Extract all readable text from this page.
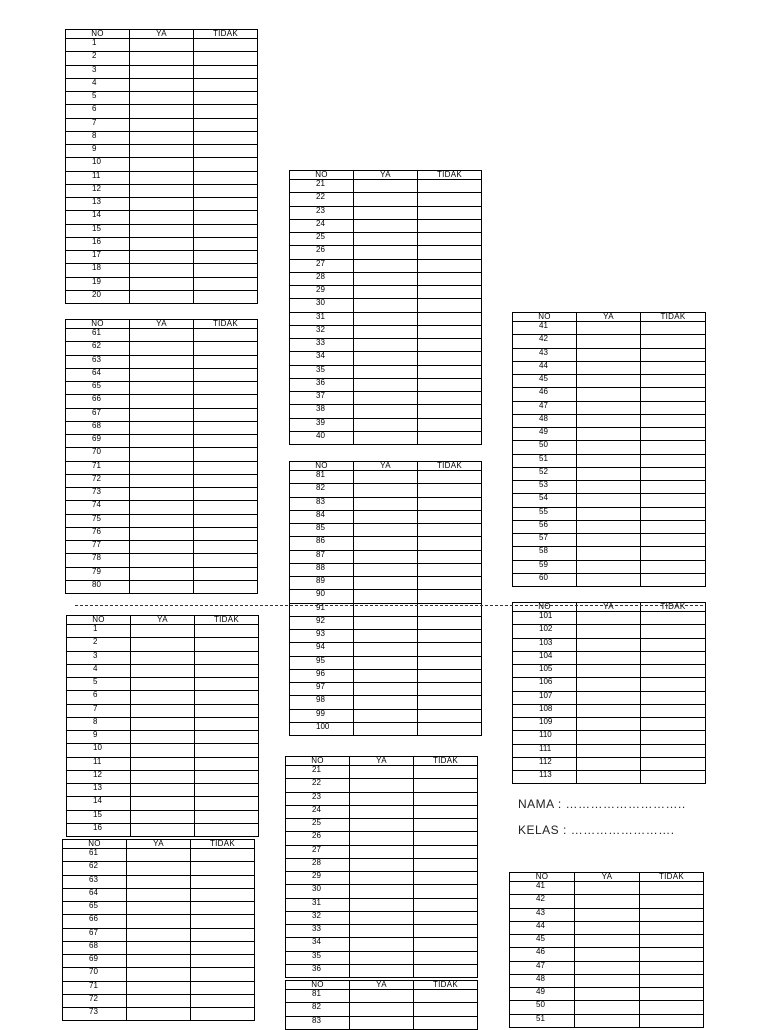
NO	YA	TIDAK
1		
2		
3		
4		
5		
6		
7		
8		
9		
10		
11		
12		
13		
14		
15		
16		
17		
18		
19		
20		
NO	YA	TIDAK
21		
22		
23		
24		
25		
26		
27		
28		
29		
30		
31		
32		
33		
34		
35		
36		
37		
38		
39		
40		
NO	YA	TIDAK
41		
42		
43		
44		
45		
46		
47		
48		
49		
50		
51		
52		
53		
54		
55		
56		
57		
58		
59		
60		
NO	YA	TIDAK
61		
62		
63		
64		
65		
66		
67		
68		
69		
70		
71		
72		
73		
74		
75		
76		
77		
78		
79		
80		
NO	YA	TIDAK
81		
82		
83		
84		
85		
86		
87		
88		
89		
90		
91		
92		
93		
94		
95		
96		
97		
98		
99		
100		
NO	YA	TIDAK
101		
102		
103		
104		
105		
106		
107		
108		
109		
110		
111		
112		
113		
NO	YA	TIDAK
1		
2		
3		
4		
5		
6		
7		
8		
9		
10		
11		
12		
13		
14		
15		
16		
NO	YA	TIDAK
21		
22		
23		
24		
25		
26		
27		
28		
29		
30		
31		
32		
33		
34		
35		
36		
NO	YA	TIDAK
41		
42		
43		
44		
45		
46		
47		
48		
49		
50		
51		
NO	YA	TIDAK
61		
62		
63		
64		
65		
66		
67		
68		
69		
70		
71		
72		
73		
NO	YA	TIDAK
81		
82		
83		
NAMA : ………………………..
KELAS : …………………….
